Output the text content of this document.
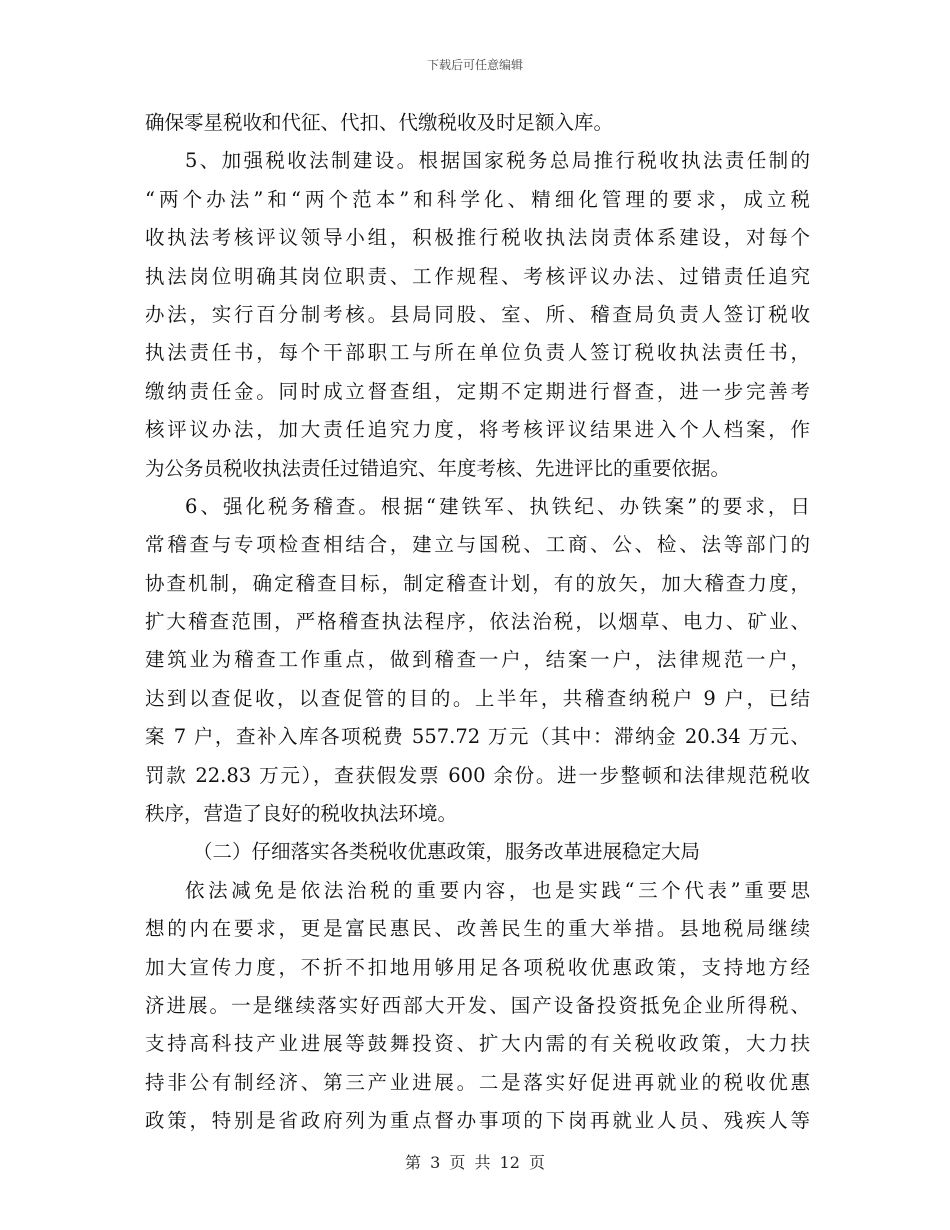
下载后可任意编辑
确保零星税收和代征、代扣、代缴税收及时足额入库。
5、加强税收法制建设。根据国家税务总局推行税收执法责任制的
“两个办法”和“两个范本”和科学化、精细化管理的要求，成立税
收执法考核评议领导小组，积极推行税收执法岗责体系建设，对每个
执法岗位明确其岗位职责、工作规程、考核评议办法、过错责任追究
办法，实行百分制考核。县局同股、室、所、稽查局负责人签订税收
执法责任书，每个干部职工与所在单位负责人签订税收执法责任书，
缴纳责任金。同时成立督查组，定期不定期进行督查，进一步完善考
核评议办法，加大责任追究力度，将考核评议结果进入个人档案，作
为公务员税收执法责任过错追究、年度考核、先进评比的重要依据。
6、强化税务稽查。根据“建铁军、执铁纪、办铁案”的要求，日
常稽查与专项检查相结合，建立与国税、工商、公、检、法等部门的
协查机制，确定稽查目标，制定稽查计划，有的放矢，加大稽查力度，
扩大稽查范围，严格稽查执法程序，依法治税，以烟草、电力、矿业、
建筑业为稽查工作重点，做到稽查一户，结案一户，法律规范一户，
达到以查促收，以查促管的目的。上半年，共稽查纳税户 9 户，已结
案 7 户，查补入库各项税费 557.72 万元（其中：滞纳金 20.34 万元、
罚款 22.83 万元），查获假发票 600 余份。进一步整顿和法律规范税收
秩序，营造了良好的税收执法环境。
（二）仔细落实各类税收优惠政策，服务改革进展稳定大局
依法减免是依法治税的重要内容，也是实践“三个代表”重要思
想的内在要求，更是富民惠民、改善民生的重大举措。县地税局继续
加大宣传力度，不折不扣地用够用足各项税收优惠政策，支持地方经
济进展。一是继续落实好西部大开发、国产设备投资抵免企业所得税、
支持高科技产业进展等鼓舞投资、扩大内需的有关税收政策，大力扶
持非公有制经济、第三产业进展。二是落实好促进再就业的税收优惠
政策，特别是省政府列为重点督办事项的下岗再就业人员、残疾人等
第 3 页 共 12 页
